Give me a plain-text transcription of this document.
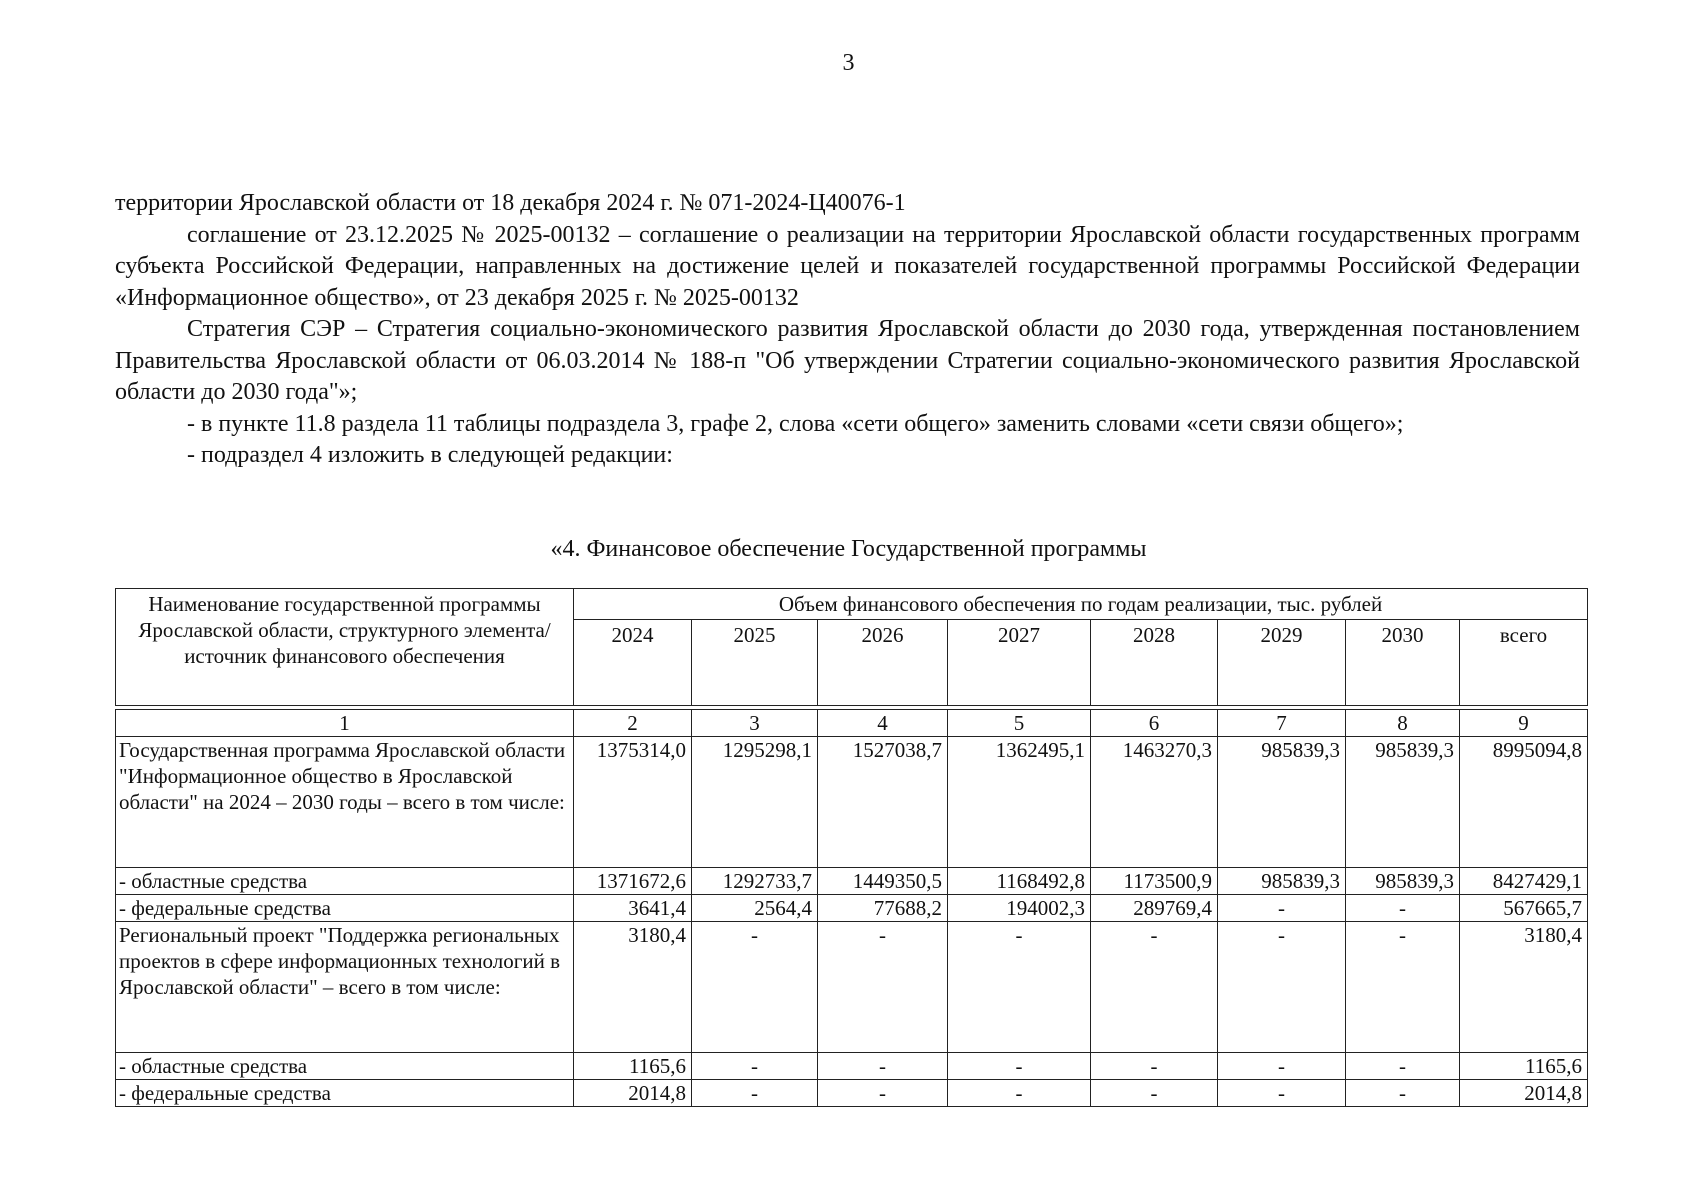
3

территории Ярославской области от 18 декабря 2024 г. № 071-2024-Ц40076-1

соглашение от 23.12.2025 № 2025-00132 – соглашение о реализации на территории Ярославской области государственных программ субъекта Российской Федерации, направленных на достижение целей и показателей государственной программы Российской Федерации «Информационное общество», от 23 декабря 2025 г. № 2025-00132

Стратегия СЭР – Стратегия социально-экономического развития Ярославской области до 2030 года, утвержденная постановлением Правительства Ярославской области от 06.03.2014 № 188-п "Об утверждении Стратегии социально-экономического развития Ярославской области до 2030 года"»;

- в пункте 11.8 раздела 11 таблицы подраздела 3, графе 2, слова «сети общего» заменить словами «сети связи общего»;

- подраздел 4 изложить в следующей редакции:

«4. Финансовое обеспечение Государственной программы
Наименование государственной программы Ярославской области, структурного элемента/ источник финансового обеспечения	Объем финансового обеспечения по годам реализации, тыс. рублей							
	2024	2025	2026	2027	2028	2029	2030	всего

1	2	3	4	5	6	7	8	9
Государственная программа Ярославской области "Информационное общество в Ярославской области" на 2024 – 2030 годы – всего в том числе:	1375314,0	1295298,1	1527038,7	1362495,1	1463270,3	985839,3	985839,3	8995094,8
- областные средства	1371672,6	1292733,7	1449350,5	1168492,8	1173500,9	985839,3	985839,3	8427429,1
- федеральные средства	3641,4	2564,4	77688,2	194002,3	289769,4	-	-	567665,7
Региональный проект "Поддержка региональных проектов в сфере информационных технологий в Ярославской области" – всего в том числе:	3180,4	-	-	-	-	-	-	3180,4
- областные средства	1165,6	-	-	-	-	-	-	1165,6
- федеральные средства	2014,8	-	-	-	-	-	-	2014,8
